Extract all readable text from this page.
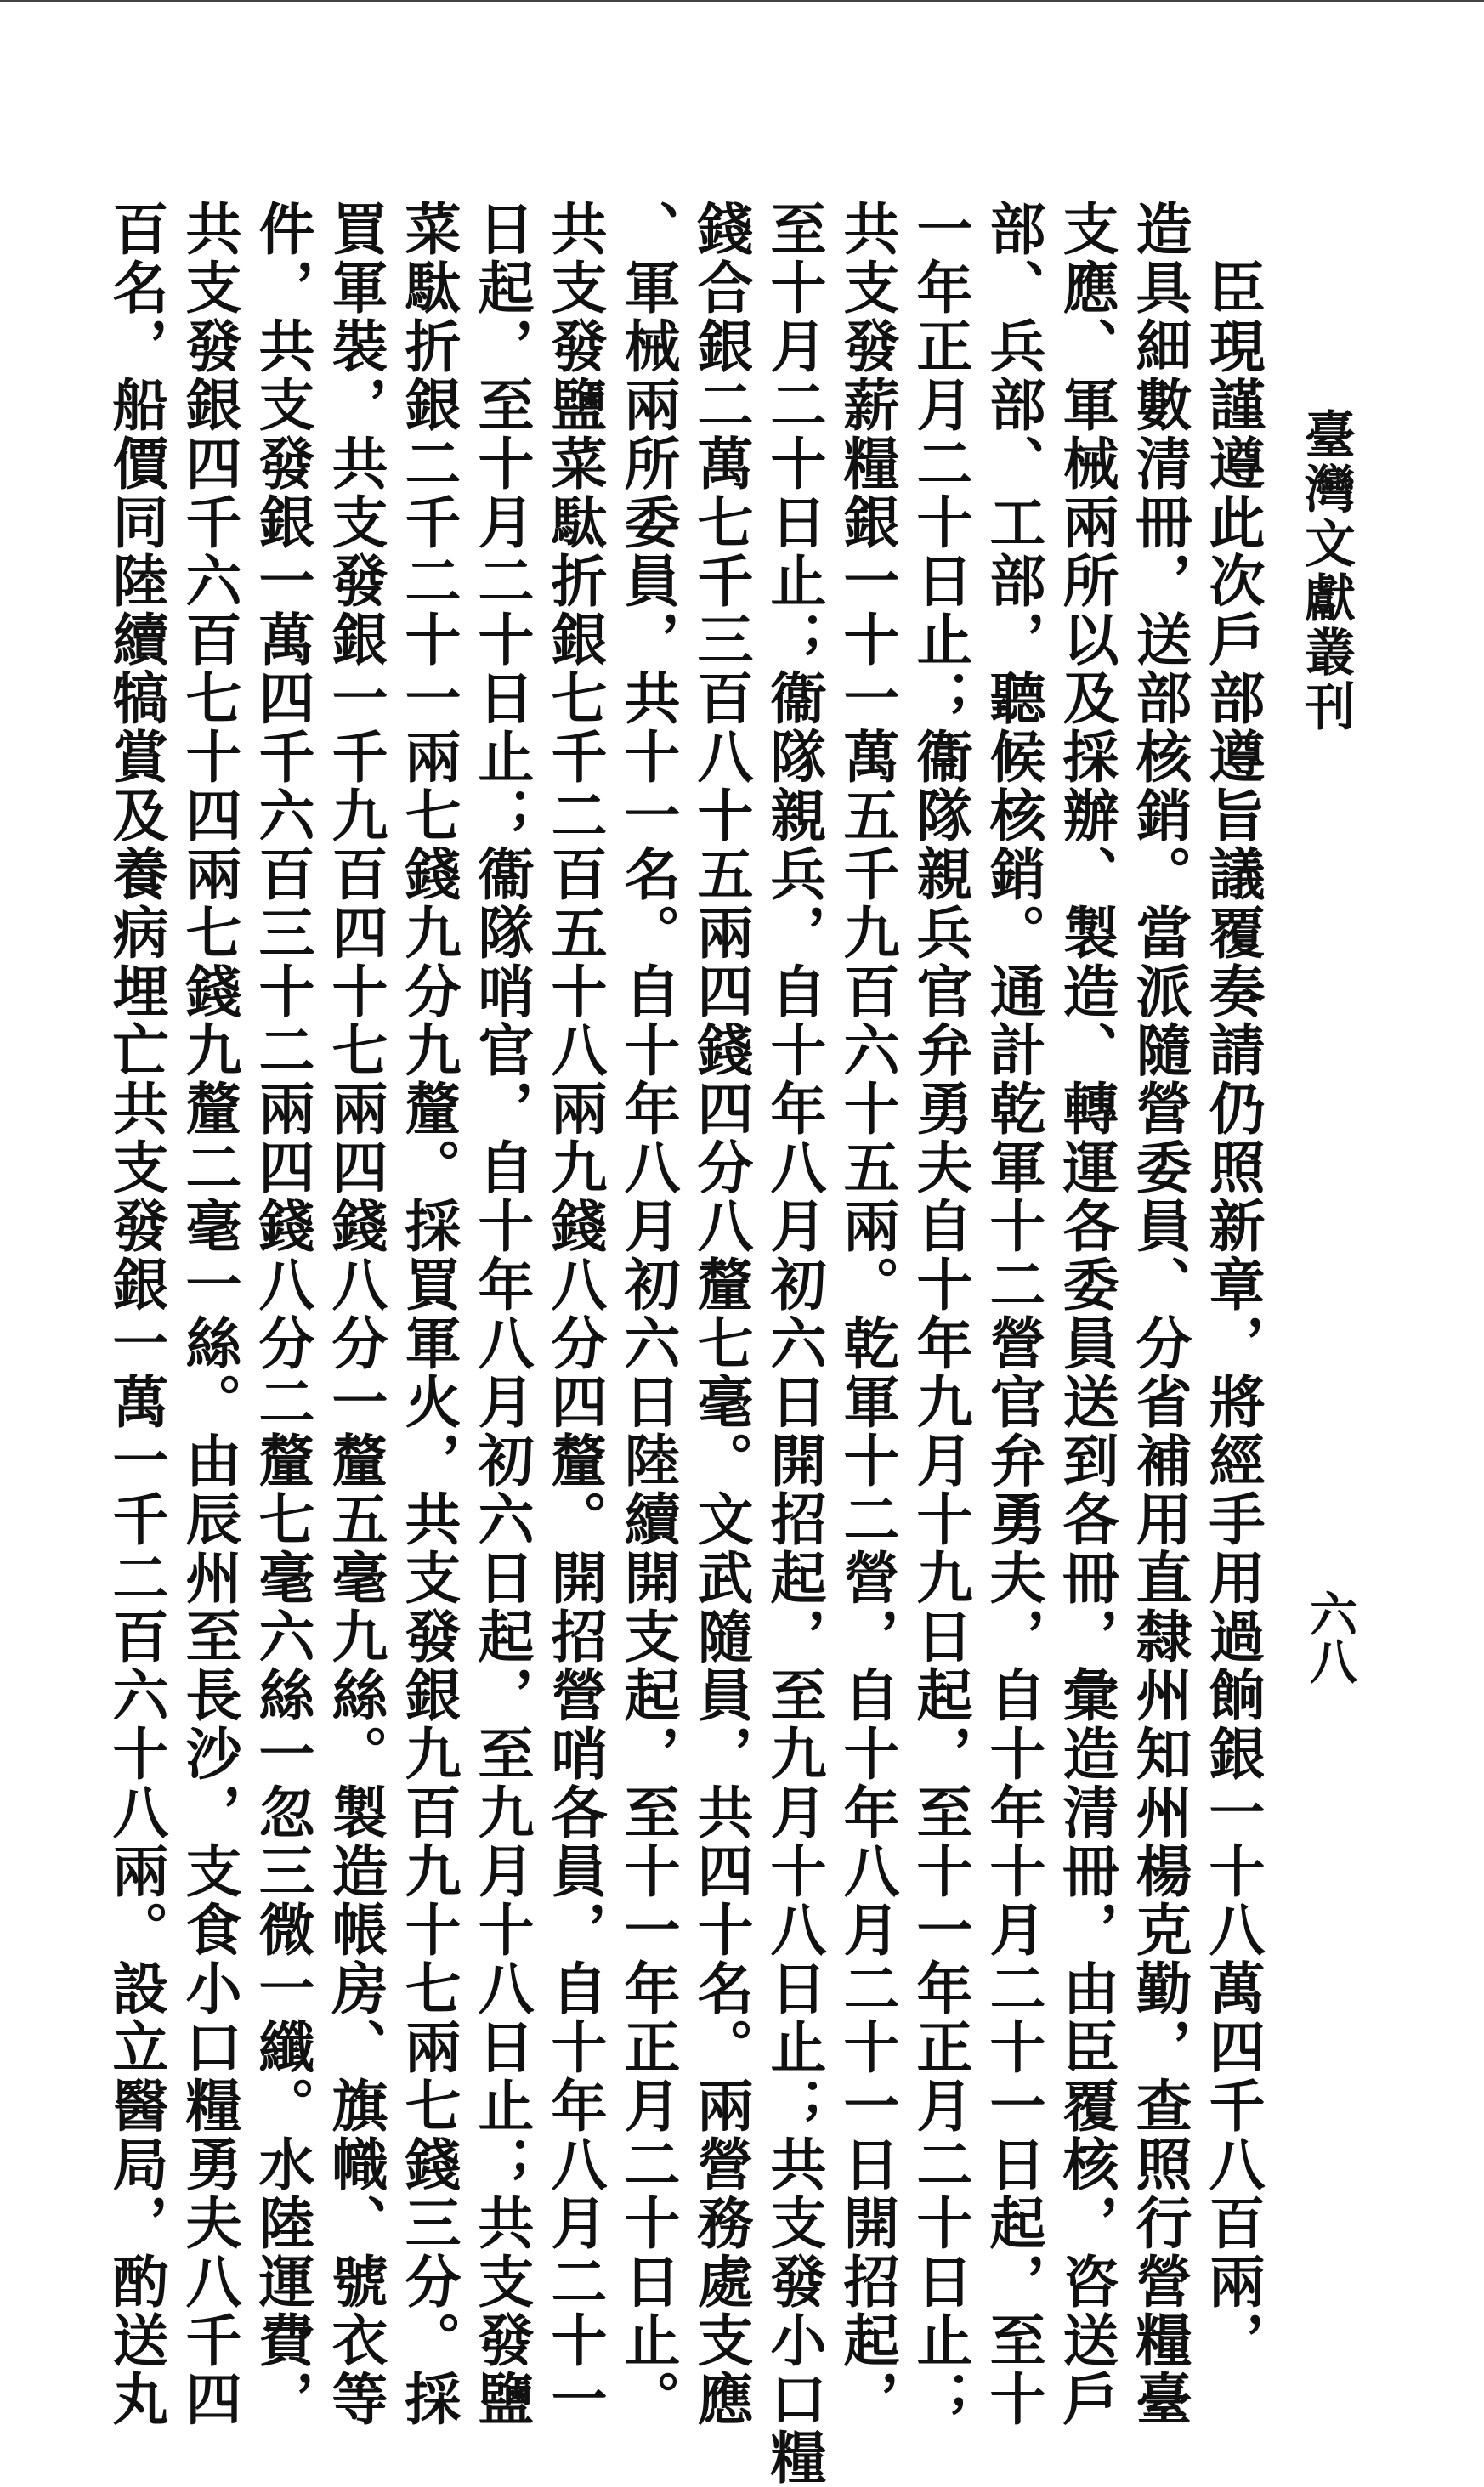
臺灣文獻叢刊
六八
　臣現謹遵此次戶部遵旨議覆奏請仍照新章，將經手用過餉銀一十八萬四千八百兩，
造具細數清冊，送部核銷。當派隨營委員、分省補用直隸州知州楊克勤，查照行營糧臺
支應、軍械兩所以及採辦、製造、轉運各委員送到各冊，彙造清冊，由臣覆核，咨送戶
部、兵部、工部，聽候核銷。通計乾軍十二營官弁勇夫，自十年十月二十一日起，至十
一年正月二十日止；衞隊親兵官弁勇夫自十年九月十九日起，至十一年正月二十日止；
共支發薪糧銀一十一萬五千九百六十五兩。乾軍十二營，自十年八月二十一日開招起，
至十月二十日止；衞隊親兵，自十年八月初六日開招起，至九月十八日止；共支發小口糧
錢合銀二萬七千三百八十五兩四錢四分八釐七毫。文武隨員，共四十名。兩營務處支應
、軍械兩所委員，共十一名。自十年八月初六日陸續開支起，至十一年正月二十日止。
共支發鹽菜駄折銀七千二百五十八兩九錢八分四釐。開招營哨各員，自十年八月二十一
日起，至十月二十日止；衞隊哨官，自十年八月初六日起，至九月十八日止；共支發鹽
菜駄折銀二千二十一兩七錢九分九釐。採買軍火，共支發銀九百九十七兩七錢三分。採
買軍裝，共支發銀一千九百四十七兩四錢八分一釐五毫九絲。製造帳房、旗幟、號衣等
件，共支發銀一萬四千六百三十二兩四錢八分二釐七毫六絲一忽三微一纖。水陸運費，
共支發銀四千六百七十四兩七錢九釐二毫一絲。由辰州至長沙，支食小口糧勇夫八千四
百名，船價同陸續犒賞及養病埋亡共支發銀一萬一千二百六十八兩。設立醫局，酌送丸
